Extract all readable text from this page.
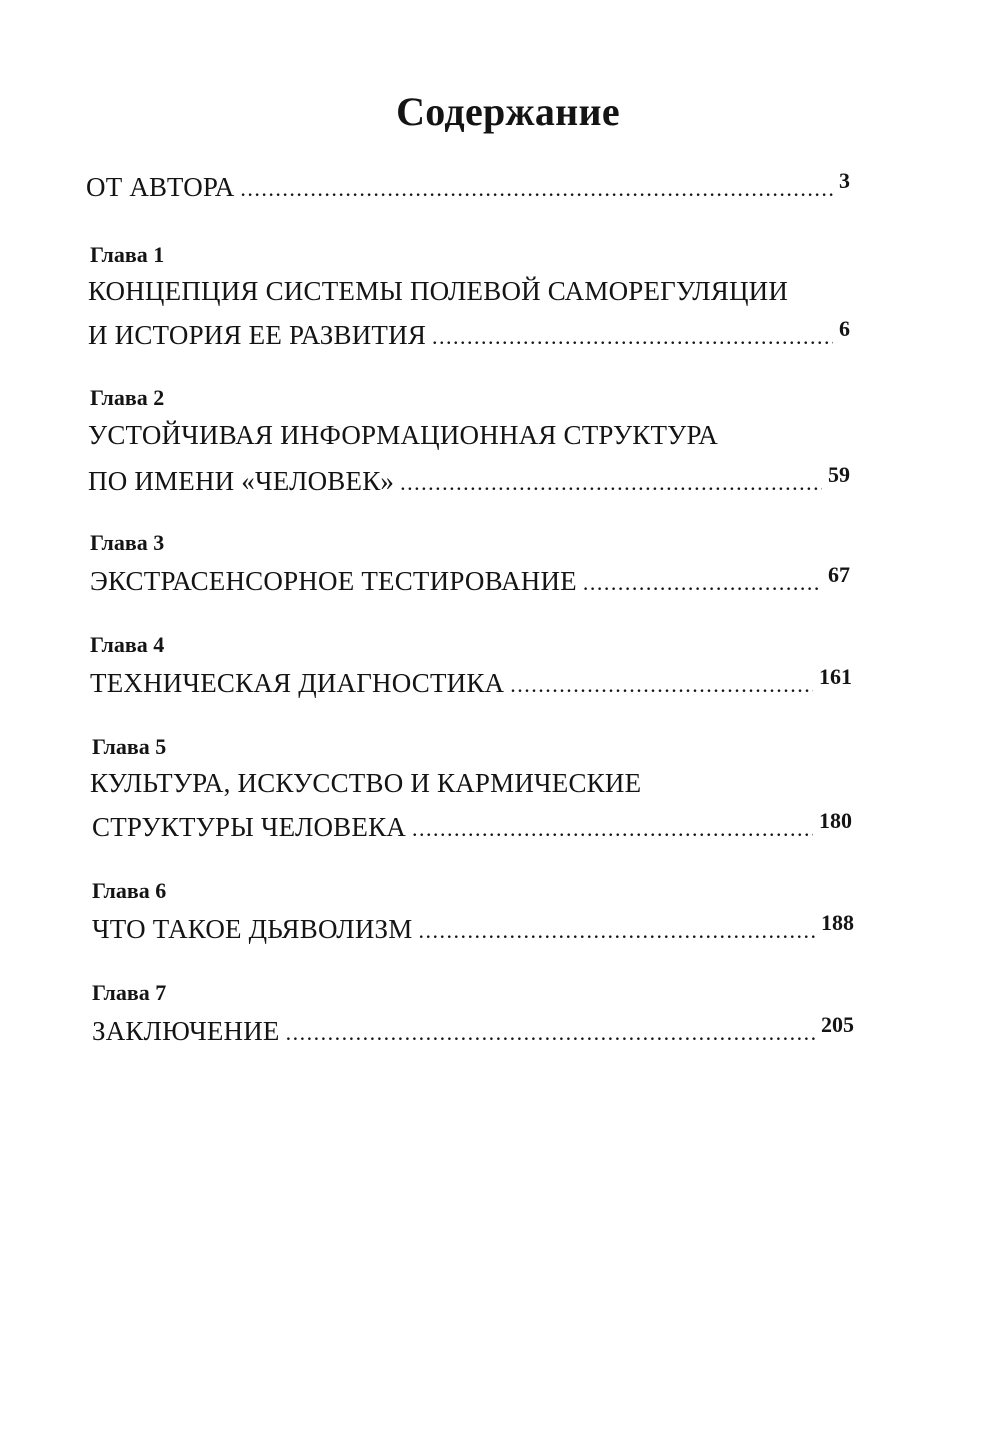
Содержание
ОТ АВТОРА . . .	3
Глава 1
КОНЦЕПЦИЯ СИСТЕМЫ ПОЛЕВОЙ САМОРЕГУЛЯЦИИ
И ИСТОРИЯ ЕЕ РАЗВИТИЯ . . .	6
Глава 2
УСТОЙЧИВАЯ ИНФОРМАЦИОННАЯ СТРУКТУРА
ПО ИМЕНИ «ЧЕЛОВЕК» . . .	59
Глава 3
ЭКСТРАСЕНСОРНОЕ ТЕСТИРОВАНИЕ . . .	67
Глава 4
ТЕХНИЧЕСКАЯ ДИАГНОСТИКА . . .	161
Глава 5
КУЛЬТУРА, ИСКУССТВО И КАРМИЧЕСКИЕ
СТРУКТУРЫ ЧЕЛОВЕКА . . .	180
Глава 6
ЧТО ТАКОЕ ДЬЯВОЛИЗМ . . .	188
Глава 7
ЗАКЛЮЧЕНИЕ . . .	205
